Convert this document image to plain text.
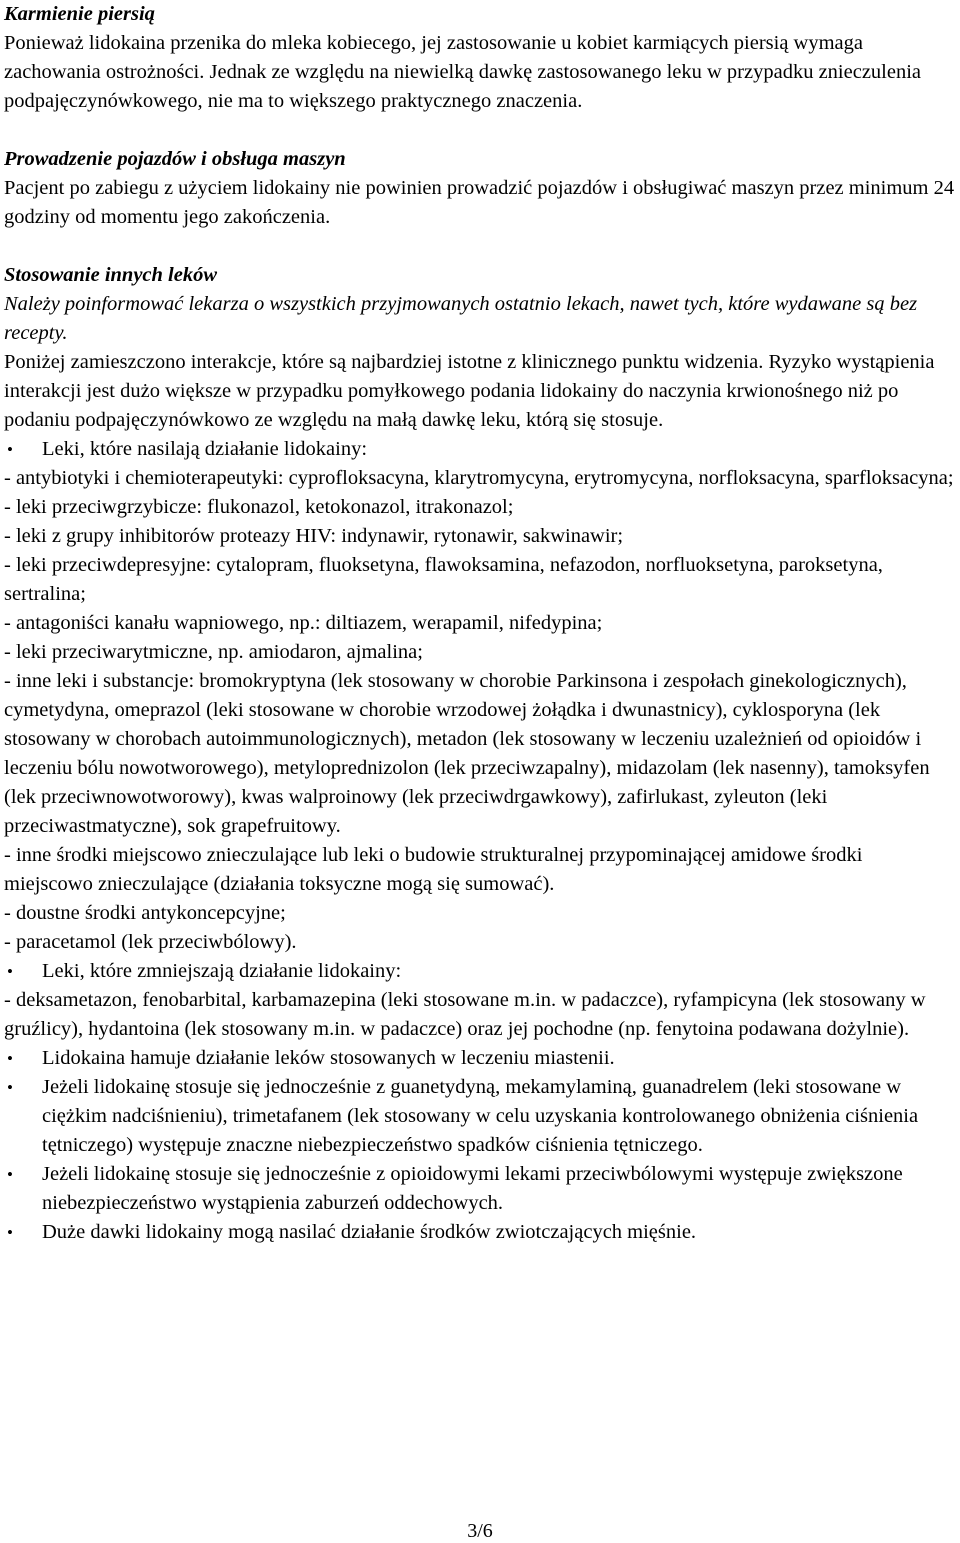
Karmienie piersią

Ponieważ lidokaina przenika do mleka kobiecego, jej zastosowanie u kobiet karmiących piersią wymaga zachowania ostrożności. Jednak ze względu na niewielką dawkę zastosowanego leku w przypadku znieczulenia podpajęczynówkowego, nie ma to większego praktycznego znaczenia.

Prowadzenie pojazdów i obsługa maszyn

Pacjent po zabiegu z użyciem lidokainy nie powinien prowadzić pojazdów i obsługiwać maszyn przez minimum 24 godziny od momentu jego zakończenia.

Stosowanie innych leków

Należy poinformować lekarza o wszystkich przyjmowanych ostatnio lekach, nawet tych, które wydawane są bez recepty.

Poniżej zamieszczono interakcje, które są najbardziej istotne z klinicznego punktu widzenia. Ryzyko wystąpienia interakcji jest dużo większe w przypadku pomyłkowego podania lidokainy do naczynia krwionośnego niż po podaniu podpajęczynówkowo ze względu na małą dawkę leku, którą się stosuje.

• Leki, które nasilają działanie lidokainy:

- antybiotyki i chemioterapeutyki: cyprofloksacyna, klarytromycyna, erytromycyna, norfloksacyna, sparfloksacyna;

- leki przeciwgrzybicze: flukonazol, ketokonazol, itrakonazol;

- leki z grupy inhibitorów proteazy HIV: indynawir, rytonawir, sakwinawir;

- leki przeciwdepresyjne: cytalopram, fluoksetyna, flawoksamina, nefazodon, norfluoksetyna, paroksetyna, sertralina;

- antagoniści kanału wapniowego, np.: diltiazem, werapamil, nifedypina;

- leki przeciwarytmiczne, np. amiodaron, ajmalina;

- inne leki i substancje: bromokryptyna (lek stosowany w chorobie Parkinsona i zespołach ginekologicznych), cymetydyna, omeprazol (leki stosowane w chorobie wrzodowej żołądka i dwunastnicy), cyklosporyna (lek stosowany w chorobach autoimmunologicznych), metadon (lek stosowany w leczeniu uzależnień od opioidów i leczeniu bólu nowotworowego), metyloprednizolon (lek przeciwzapalny), midazolam (lek nasenny), tamoksyfen (lek przeciwnowotworowy), kwas walproinowy (lek przeciwdrgawkowy), zafirlukast, zyleuton (leki przeciwastmatyczne), sok grapefruitowy.

- inne środki miejscowo znieczulające lub leki o budowie strukturalnej przypominającej amidowe środki miejscowo znieczulające (działania toksyczne mogą się sumować).

- doustne środki antykoncepcyjne;

- paracetamol (lek przeciwbólowy).

• Leki, które zmniejszają działanie lidokainy:

- deksametazon, fenobarbital, karbamazepina (leki stosowane m.in. w padaczce), ryfampicyna (lek stosowany w gruźlicy), hydantoina (lek stosowany m.in. w padaczce) oraz jej pochodne (np. fenytoina podawana dożylnie).

• Lidokaina hamuje działanie leków stosowanych w leczeniu miastenii.

• Jeżeli lidokainę stosuje się jednocześnie z guanetydyną, mekamylaminą, guanadrelem (leki stosowane w ciężkim nadciśnieniu), trimetafanem (lek stosowany w celu uzyskania kontrolowanego obniżenia ciśnienia tętniczego) występuje znaczne niebezpieczeństwo spadków ciśnienia tętniczego.

• Jeżeli lidokainę stosuje się jednocześnie z opioidowymi lekami przeciwbólowymi występuje zwiększone niebezpieczeństwo wystąpienia zaburzeń oddechowych.

• Duże dawki lidokainy mogą nasilać działanie środków zwiotczających mięśnie.

3/6
